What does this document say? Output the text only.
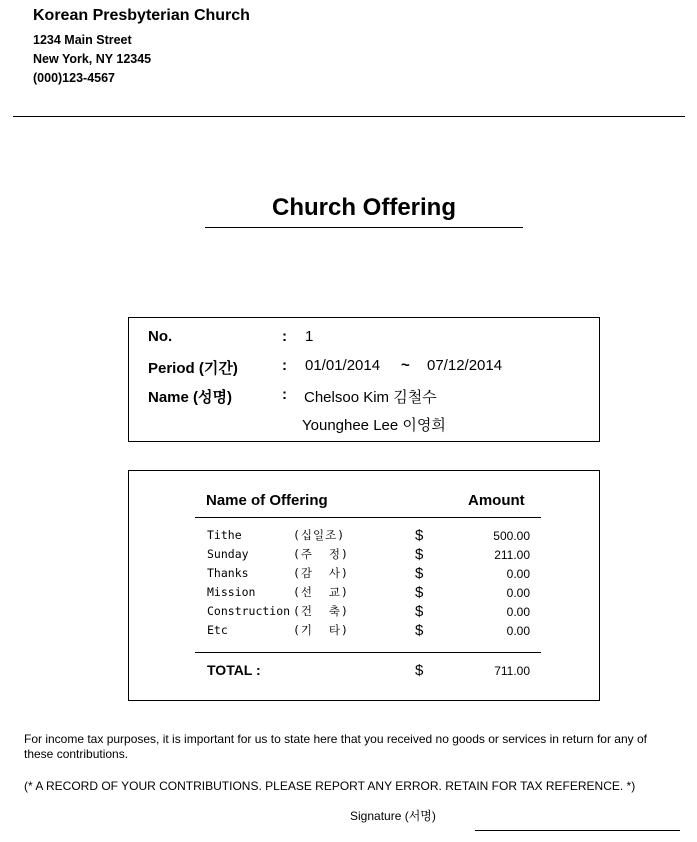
Korean Presbyterian Church
1234 Main Street
New York, NY 12345
(000)123-4567
Church Offering
No.	: 1
Period (기간)	: 01/01/2014 ~ 07/12/2014
Name (성명)	: Chelsoo Kim 김철수
Younghee Lee 이영희
Name of Offering	Amount
Tithe	(십일조)	$	500.00
Sunday	(주  정)	$	211.00
Thanks	(감  사)	$	0.00
Mission	(선  교)	$	0.00
Construction (건  축)	$	0.00
Etc	(기  타)	$	0.00
TOTAL :	$	711.00
For income tax purposes, it is important for us to state here that you received no goods or services in return for any of these contributions.
(* A RECORD OF YOUR CONTRIBUTIONS. PLEASE REPORT ANY ERROR. RETAIN FOR TAX REFERENCE. *)
Signature (서명)
